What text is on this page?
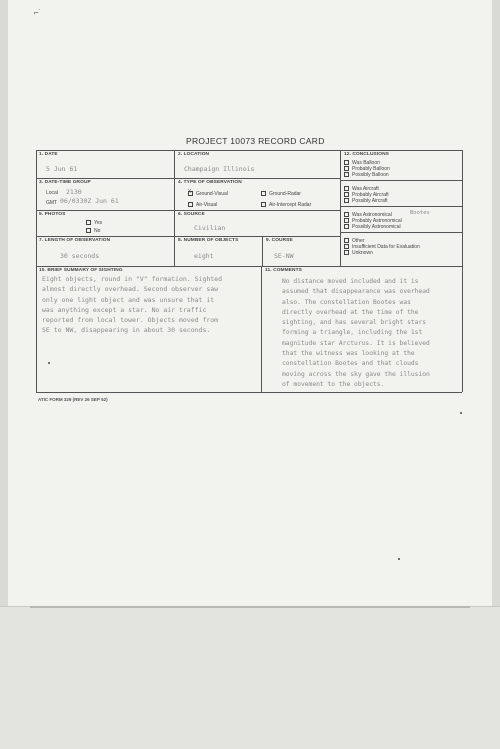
⌐˙
PROJECT 10073 RECORD CARD
1. DATE
5 Jun 61
2. LOCATION
Champaign Illinois
3. DATE-TIME GROUP
Local 2130
GMT 06/0330Z Jun 61
4. TYPE OF OBSERVATION
X Ground-Visual	Ground-Radar
Air-Visual	Air-Intercept Radar
5. PHOTOS
Yes
No
6. SOURCE
Civilian
7. LENGTH OF OBSERVATION
30 seconds
8. NUMBER OF OBJECTS
eight
9. COURSE
SE-NW
12. CONCLUSIONS
Was Balloon
Probably Balloon
Possibly Balloon
Was Aircraft
Probably Aircraft
Possibly Aircraft
Was Astronomical	Bootes
Probably Astronomical
Possibly Astronomical
Other
Insufficient Data for Evaluation
Unknown
10. BRIEF SUMMARY OF SIGHTING
Eight objects, round in "V" formation. Sighted
almost directly overhead. Second observer saw
only one light object and was unsure that it
was anything except a star. No air traffic
reported from local tower. Objects moved from
SE to NW, disappearing in about 30 seconds.
11. COMMENTS
No distance moved included and it is
assumed that disappearance was overhead
also. The constellation Bootes was
directly overhead at the time of the
sighting, and has several bright stars
forming a triangle, including the 1st
magnitude star Arcturus. It is believed
that the witness was looking at the
constellation Bootes and that clouds
moving across the sky gave the illusion
of movement to the objects.
ATIC FORM 329 (REV 26 SEP 52)
